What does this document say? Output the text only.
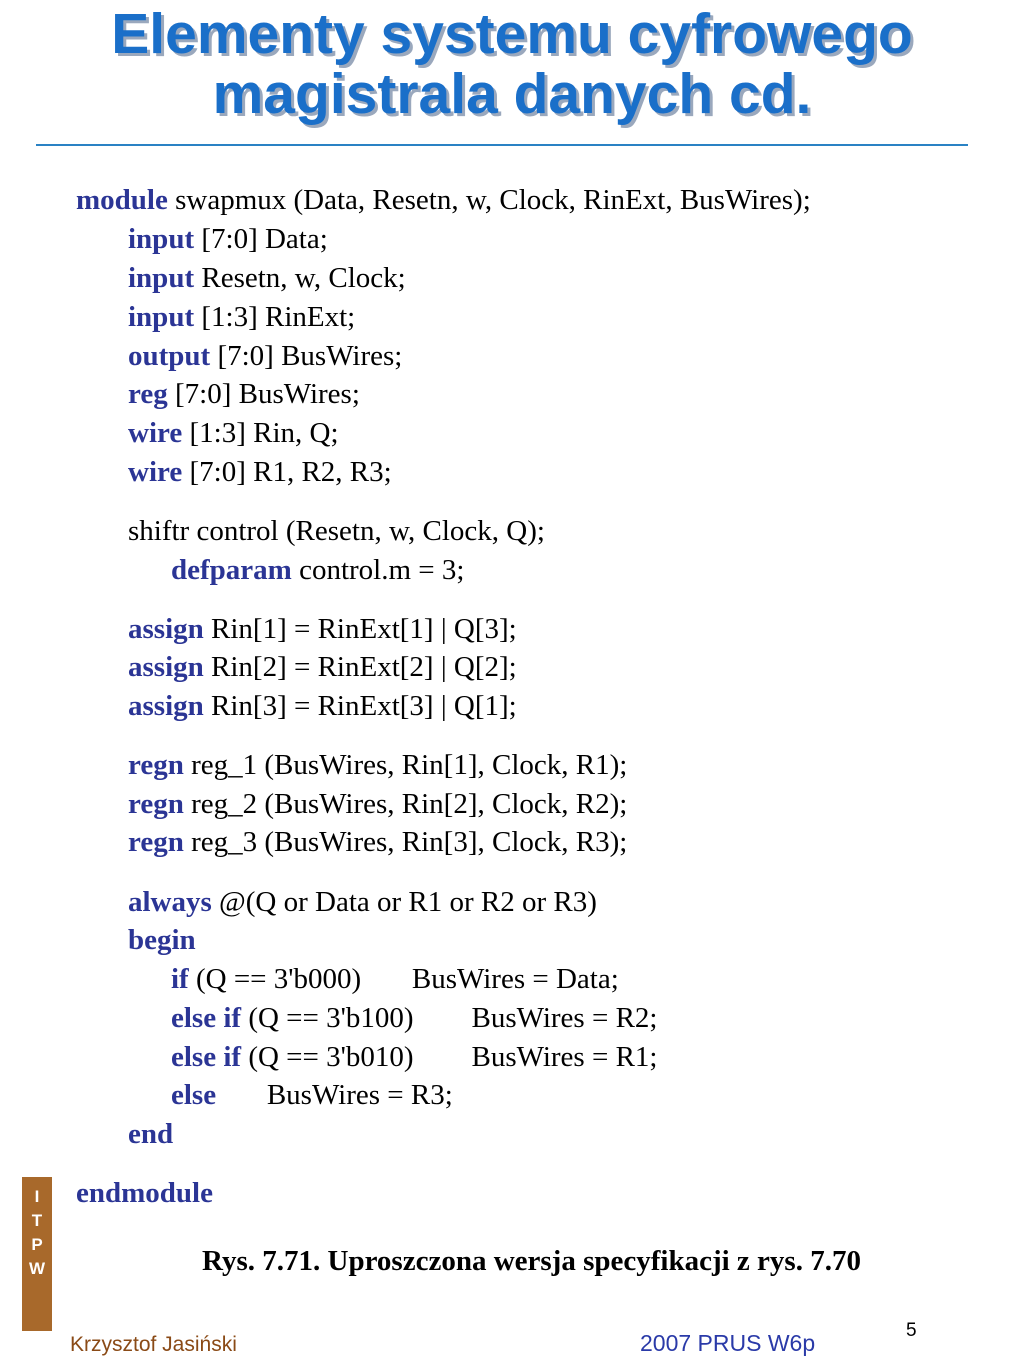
Elementy systemu cyfrowego
magistrala danych cd.
module swapmux (Data, Resetn, w, Clock, RinExt, BusWires);
input [7:0] Data;
input Resetn, w, Clock;
input [1:3] RinExt;
output [7:0] BusWires;
reg [7:0] BusWires;
wire [1:3] Rin, Q;
wire [7:0] R1, R2, R3;
shiftr control (Resetn, w, Clock, Q);
defparam control.m = 3;
assign Rin[1] = RinExt[1] | Q[3];
assign Rin[2] = RinExt[2] | Q[2];
assign Rin[3] = RinExt[3] | Q[1];
regn reg_1 (BusWires, Rin[1], Clock, R1);
regn reg_2 (BusWires, Rin[2], Clock, R2);
regn reg_3 (BusWires, Rin[3], Clock, R3);
always @(Q or Data or R1 or R2 or R3)
begin
if (Q == 3'b000)       BusWires = Data;
else if (Q == 3'b100)        BusWires = R2;
else if (Q == 3'b010)        BusWires = R1;
else       BusWires = R3;
end
endmodule
Rys. 7.71. Uproszczona wersja specyfikacji z rys. 7.70
I
T
P
W
Krzysztof Jasiński	2007 PRUS W6p	5
